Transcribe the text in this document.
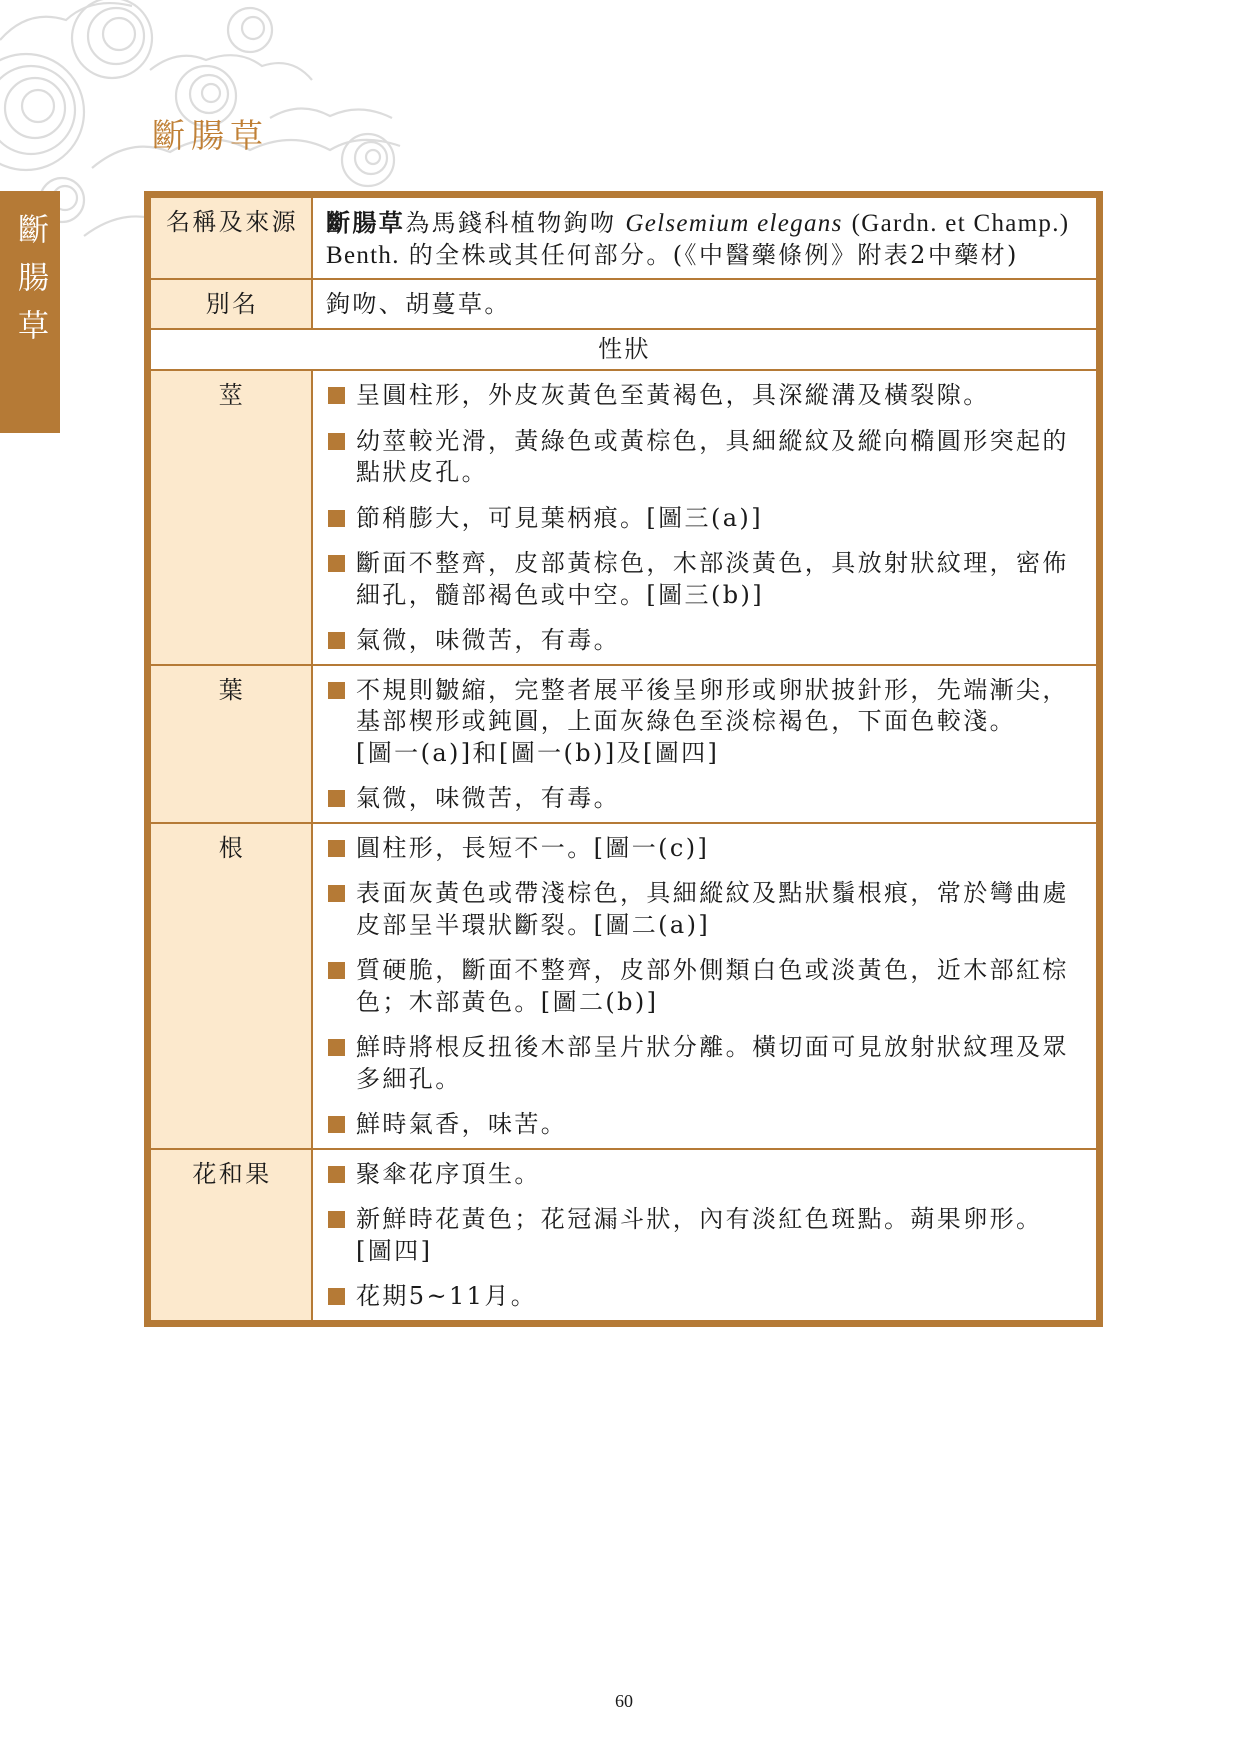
斷腸草
斷腸草
名稱及來源	斷腸草為馬錢科植物鉤吻 Gelsemium elegans (Gardn. et Champ.)
Benth. 的全株或其任何部分。(《中醫藥條例》附表2中藥材)
別名	鉤吻、胡蔓草。
性狀
莖	呈圓柱形，外皮灰黃色至黃褐色，具深縱溝及橫裂隙。
幼莖較光滑，黃綠色或黃棕色，具細縱紋及縱向橢圓形突起的
點狀皮孔。
節稍膨大，可見葉柄痕。[圖三(a)]
斷面不整齊，皮部黃棕色，木部淡黃色，具放射狀紋理，密佈
細孔，髓部褐色或中空。[圖三(b)]
氣微，味微苦，有毒。
葉	不規則皺縮，完整者展平後呈卵形或卵狀披針形，先端漸尖，
基部楔形或鈍圓，上面灰綠色至淡棕褐色，下面色較淺。
[圖一(a)]和[圖一(b)]及[圖四]
氣微，味微苦，有毒。
根	圓柱形，長短不一。[圖一(c)]
表面灰黃色或帶淺棕色，具細縱紋及點狀鬚根痕，常於彎曲處
皮部呈半環狀斷裂。[圖二(a)]
質硬脆，斷面不整齊，皮部外側類白色或淡黃色，近木部紅棕
色；木部黃色。[圖二(b)]
鮮時將根反扭後木部呈片狀分離。橫切面可見放射狀紋理及眾
多細孔。
鮮時氣香，味苦。
花和果	聚傘花序頂生。
新鮮時花黃色；花冠漏斗狀，內有淡紅色斑點。蒴果卵形。
[圖四]
花期5~11月。
60
